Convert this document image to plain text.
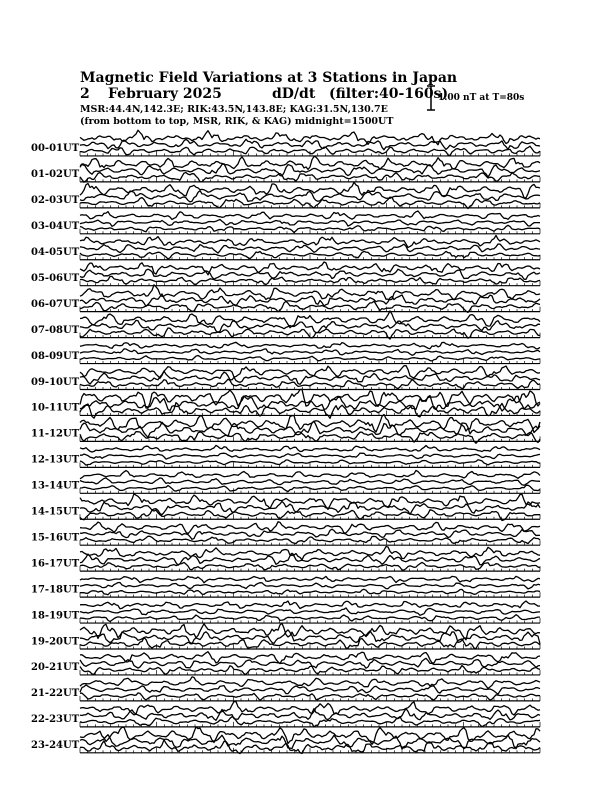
Magnetic Field Variations at 3 Stations in Japan
2 February 2025	dD/dt (filter:40-160s)
MSR:44.4N,142.3E; RIK:43.5N,143.8E; KAG:31.5N,130.7E
(from bottom to top, MSR, RIK, & KAG) midnight=1500UT
1.00 nT at T=80s
00-01UT
01-02UT
02-03UT
03-04UT
04-05UT
05-06UT
06-07UT
07-08UT
08-09UT
09-10UT
10-11UT
11-12UT
12-13UT
13-14UT
14-15UT
15-16UT
16-17UT
17-18UT
18-19UT
19-20UT
20-21UT
21-22UT
22-23UT
23-24UT
